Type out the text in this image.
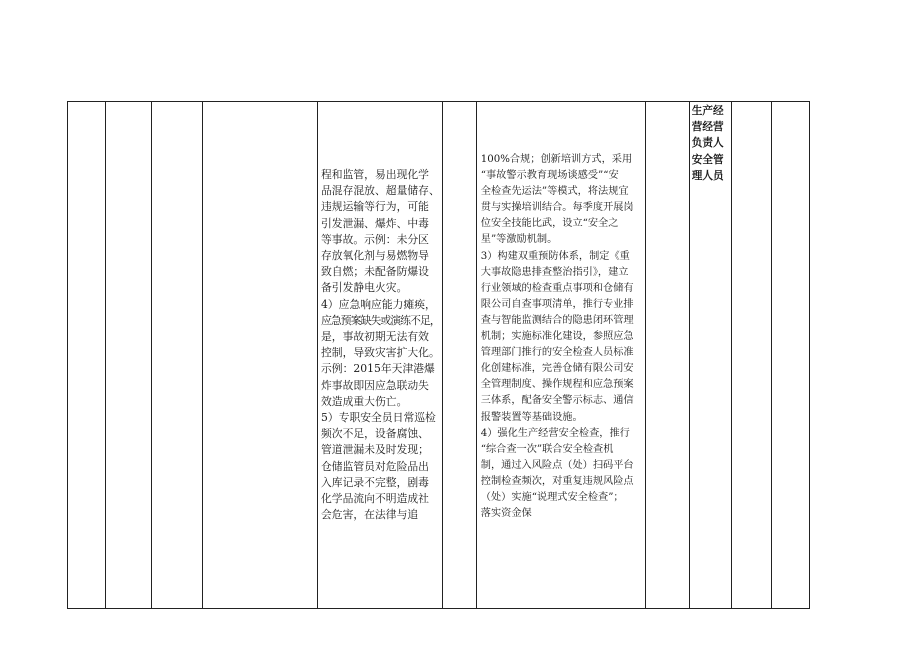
程和监管，易出现化学
品混存混放、超量储存、
违规运输等行为，可能
引发泄漏、爆炸、中毒
等事故。示例：未分区
存放氧化剂与易燃物导
致自燃；未配备防爆设
备引发静电火灾。
4）应急响应能力瘫痪，
应急预案缺失或演练不足，
是，事故初期无法有效
控制，导致灾害扩大化。
示例：2015年天津港爆
炸事故即因应急联动失
效造成重大伤亡。
5）专职安全员日常巡检
频次不足，设备腐蚀、
管道泄漏未及时发现；
仓储监管员对危险品出
入库记录不完整，剧毒
化学品流向不明造成社
会危害，在法律与追

100%合规；创新培训方式，采用
“事故警示教育现场谈感受”“安
全检查先运法”等模式，将法规宜
贯与实操培训结合。每季度开展岗
位安全技能比武，设立“安全之
星”等激励机制。
3）构建双重预防体系，制定《重
大事故隐患排查整治指引》，建立
行业领域的检查重点事项和仓储有
限公司自查事项清单，推行专业排
查与智能监测结合的隐患闭环管理
机制；实施标准化建设，参照应急
管理部门推行的安全检查人员标准
化创建标准，完善仓储有限公司安
全管理制度、操作规程和应急预案
三体系，配备安全警示标志、通信
报警装置等基础设施。
4）强化生产经营安全检查，推行
“综合查一次”联合安全检查机
制，通过入风险点（处）扫码平台
控制检查频次，对重复违规风险点
（处）实施“说理式安全检查”；
落实资金保

生产经
营经营
负责人
安全管
理人员
